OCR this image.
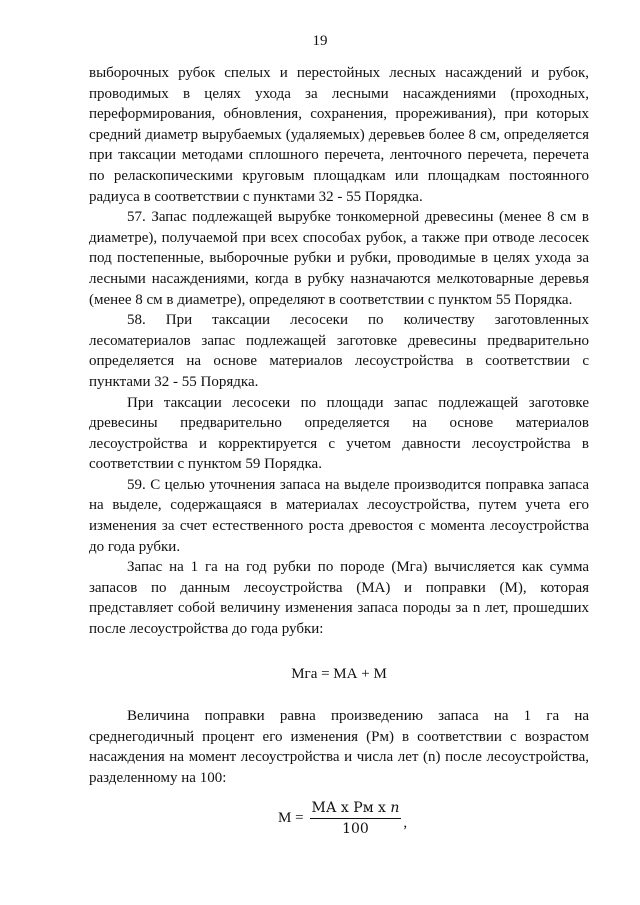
19

выборочных рубок спелых и перестойных лесных насаждений и рубок, проводимых в целях ухода за лесными насаждениями (проходных, переформирования, обновления, сохранения, прореживания), при которых средний диаметр вырубаемых (удаляемых) деревьев более 8 см, определяется при таксации методами сплошного перечета, ленточного перечета, перечета по реласкопическими круговым площадкам или площадкам постоянного радиуса в соответствии с пунктами 32 - 55 Порядка.

57. Запас подлежащей вырубке тонкомерной древесины (менее 8 см в диаметре), получаемой при всех способах рубок, а также при отводе лесосек под постепенные, выборочные рубки и рубки, проводимые в целях ухода за лесными насаждениями, когда в рубку назначаются мелкотоварные деревья (менее 8 см в диаметре), определяют в соответствии с пунктом 55 Порядка.

58. При таксации лесосеки по количеству заготовленных лесоматериалов запас подлежащей заготовке древесины предварительно определяется на основе материалов лесоустройства в соответствии с пунктами 32 - 55 Порядка.

При таксации лесосеки по площади запас подлежащей заготовке древесины предварительно определяется на основе материалов лесоустройства и корректируется с учетом давности лесоустройства в соответствии с пунктом 59 Порядка.

59. С целью уточнения запаса на выделе производится поправка запаса на выделе, содержащаяся в материалах лесоустройства, путем учета его изменения за счет естественного роста древостоя с момента лесоустройства до года рубки.

Запас на 1 га на год рубки по породе (Мга) вычисляется как сумма запасов по данным лесоустройства (МА) и поправки (М), которая представляет собой величину изменения запаса породы за n лет, прошедших после лесоустройства до года рубки:

Мга = МА + М

Величина поправки равна произведению запаса на 1 га на среднегодичный процент его изменения (Рм) в соответствии с возрастом насаждения на момент лесоустройства и числа лет (n) после лесоустройства, разделенному на 100:

$М = \frac{\text{МА x Рм x 𝑛}}{100}$ ,
